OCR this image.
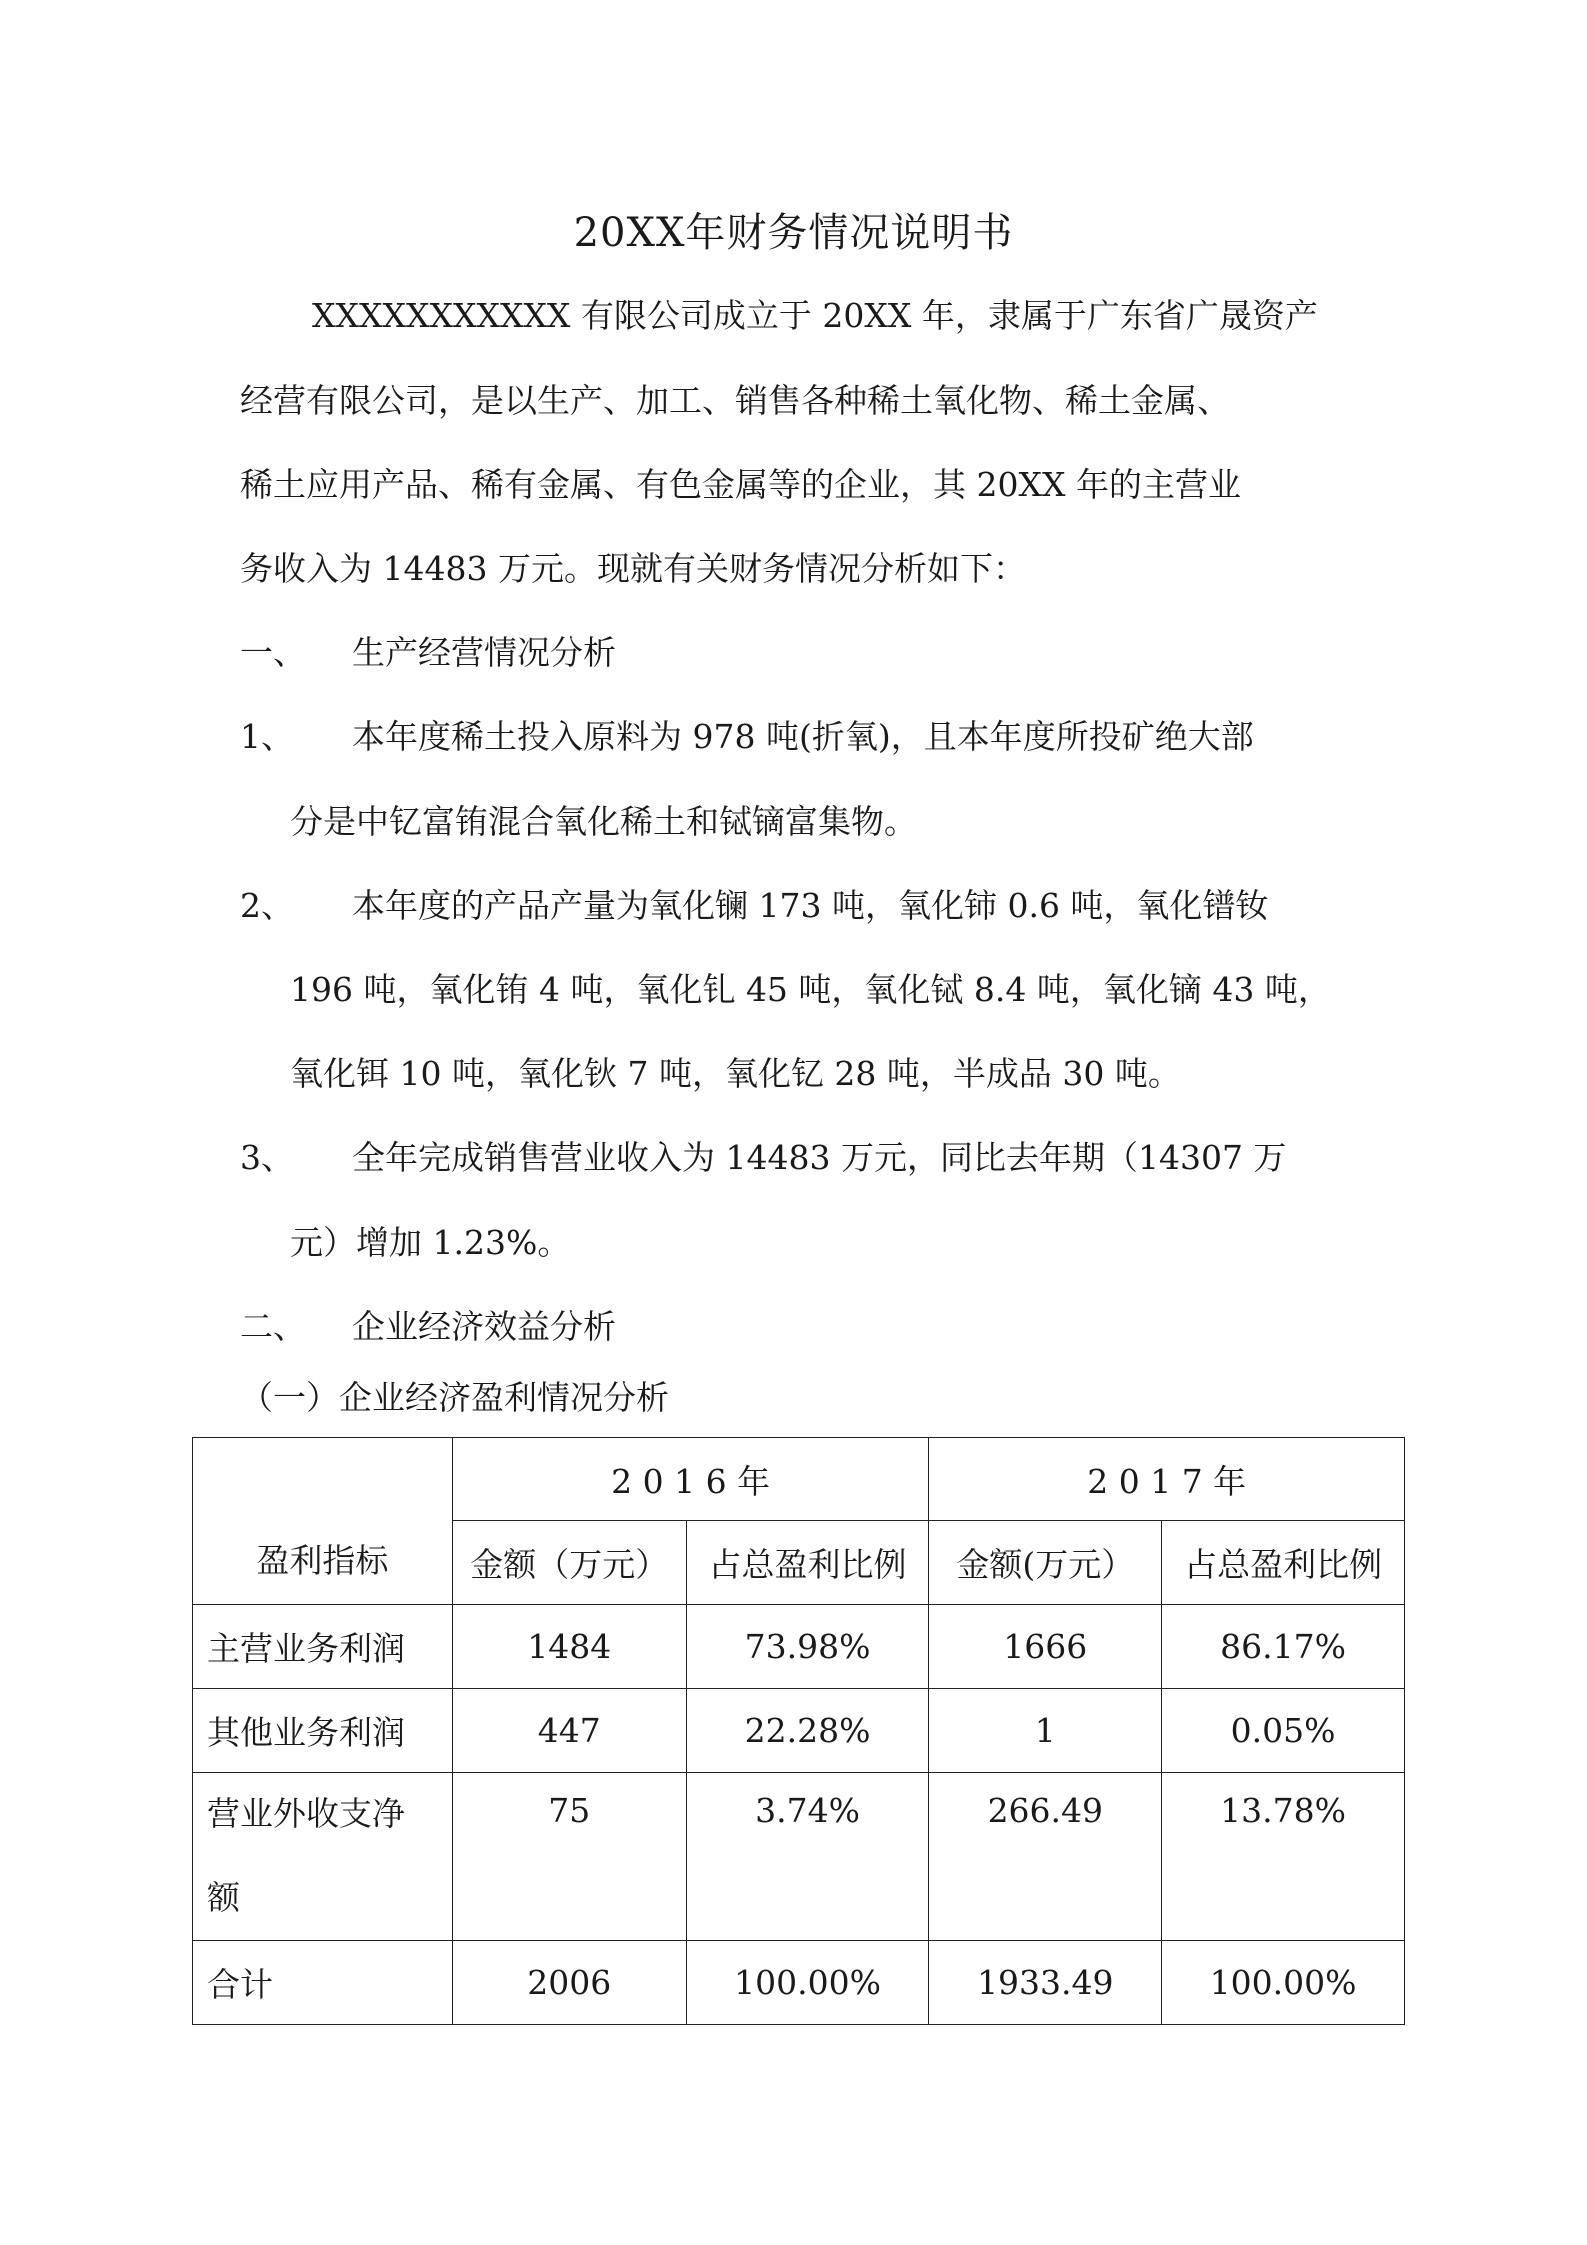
20XX年财务情况说明书
XXXXXXXXXXX 有限公司成立于 20XX 年，隶属于广东省广晟资产
经营有限公司，是以生产、加工、销售各种稀土氧化物、稀土金属、
稀土应用产品、稀有金属、有色金属等的企业，其 20XX 年的主营业
务收入为 14483 万元。现就有关财务情况分析如下：
一、 生产经营情况分析
1、 本年度稀土投入原料为 978 吨(折氧)，且本年度所投矿绝大部
分是中钇富铕混合氧化稀土和铽镝富集物。
2、 本年度的产品产量为氧化镧 173 吨，氧化铈 0.6 吨，氧化镨钕
196 吨，氧化铕 4 吨，氧化钆 45 吨，氧化铽 8.4 吨，氧化镝 43 吨，
氧化铒 10 吨，氧化钬 7 吨，氧化钇 28 吨，半成品 30 吨。
3、 全年完成销售营业收入为 14483 万元，同比去年期（14307 万
元）增加 1.23%。
二、 企业经济效益分析
（一）企业经济盈利情况分析
盈利指标	2 0 1 6 年		2 0 1 7 年	
	金额（万元）	占总盈利比例	金额(万元）	占总盈利比例
主营业务利润	1484	73.98%	1666	86.17%
其他业务利润	447	22.28%	1	0.05%

营业外收支净
额	75	3.74%	266.49	13.78%
合计	2006	100.00%	1933.49	100.00%
